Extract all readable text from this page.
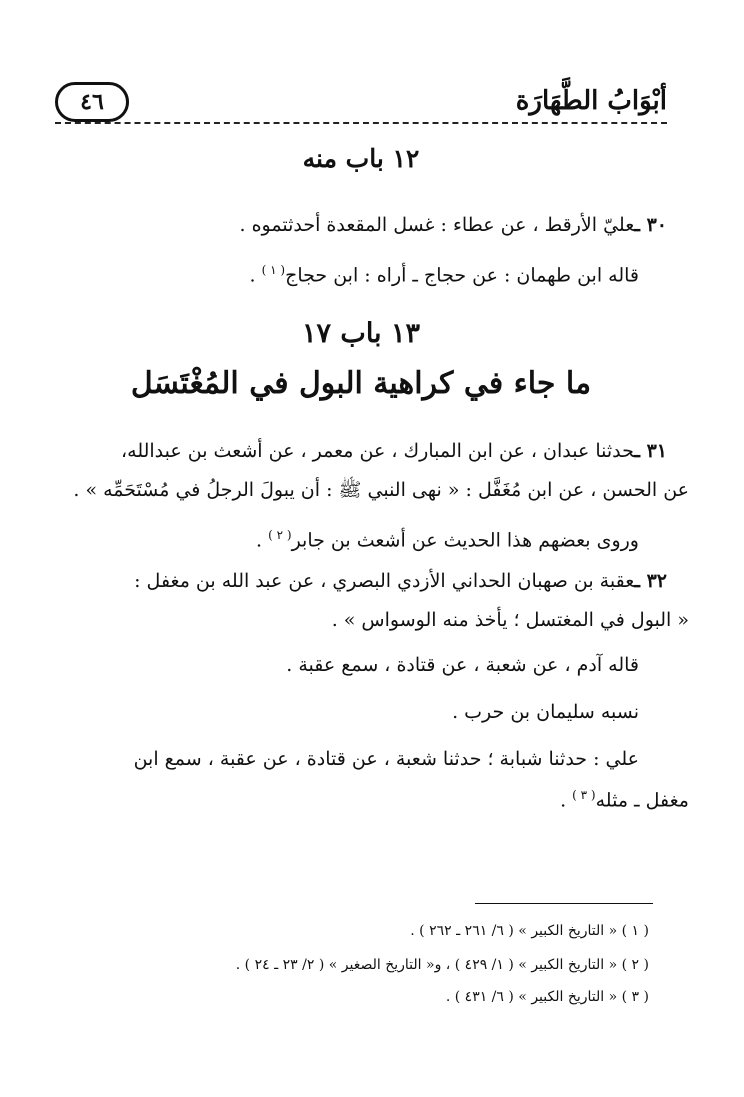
أبْوَابُ الطَّهَارَة
٤٦
١٢ باب منه
٣٠ ـعليّ الأرقط ، عن عطاء : غسل المقعدة أحدثتموه .
قاله ابن طهمان : عن حجاج ـ أراه : ابن حجاج$^{( ١ )}$ .
١٣ باب ١٧
ما جاء في كراهية البول في المُغْتَسَل
٣١ ـحدثنا عبدان ، عن ابن المبارك ، عن معمر ، عن أشعث بن عبدالله،
عن الحسن ، عن ابن مُغَفَّل : « نهى النبي ﷺ : أن يبولَ الرجلُ في مُسْتَحَمِّه » .
وروى بعضهم هذا الحديث عن أشعث بن جابر$^{( ٢ )}$ .
٣٢ ـعقبة بن صهبان الحداني الأزدي البصري ، عن عبد الله بن مغفل :
« البول في المغتسل ؛ يأخذ منه الوسواس » .
قاله آدم ، عن شعبة ، عن قتادة ، سمع عقبة .
نسبه سليمان بن حرب .
علي : حدثنا شبابة ؛ حدثنا شعبة ، عن قتادة ، عن عقبة ، سمع ابن
مغفل ـ مثله$^{( ٣ )}$ .
( ١ ) « التاريخ الكبير » ( ٦/ ٢٦١ ـ ٢٦٢ ) .
( ٢ ) « التاريخ الكبير » ( ١/ ٤٢٩ ) ، و« التاريخ الصغير » ( ٢/ ٢٣ ـ ٢٤ ) .
( ٣ ) « التاريخ الكبير » ( ٦/ ٤٣١ ) .
